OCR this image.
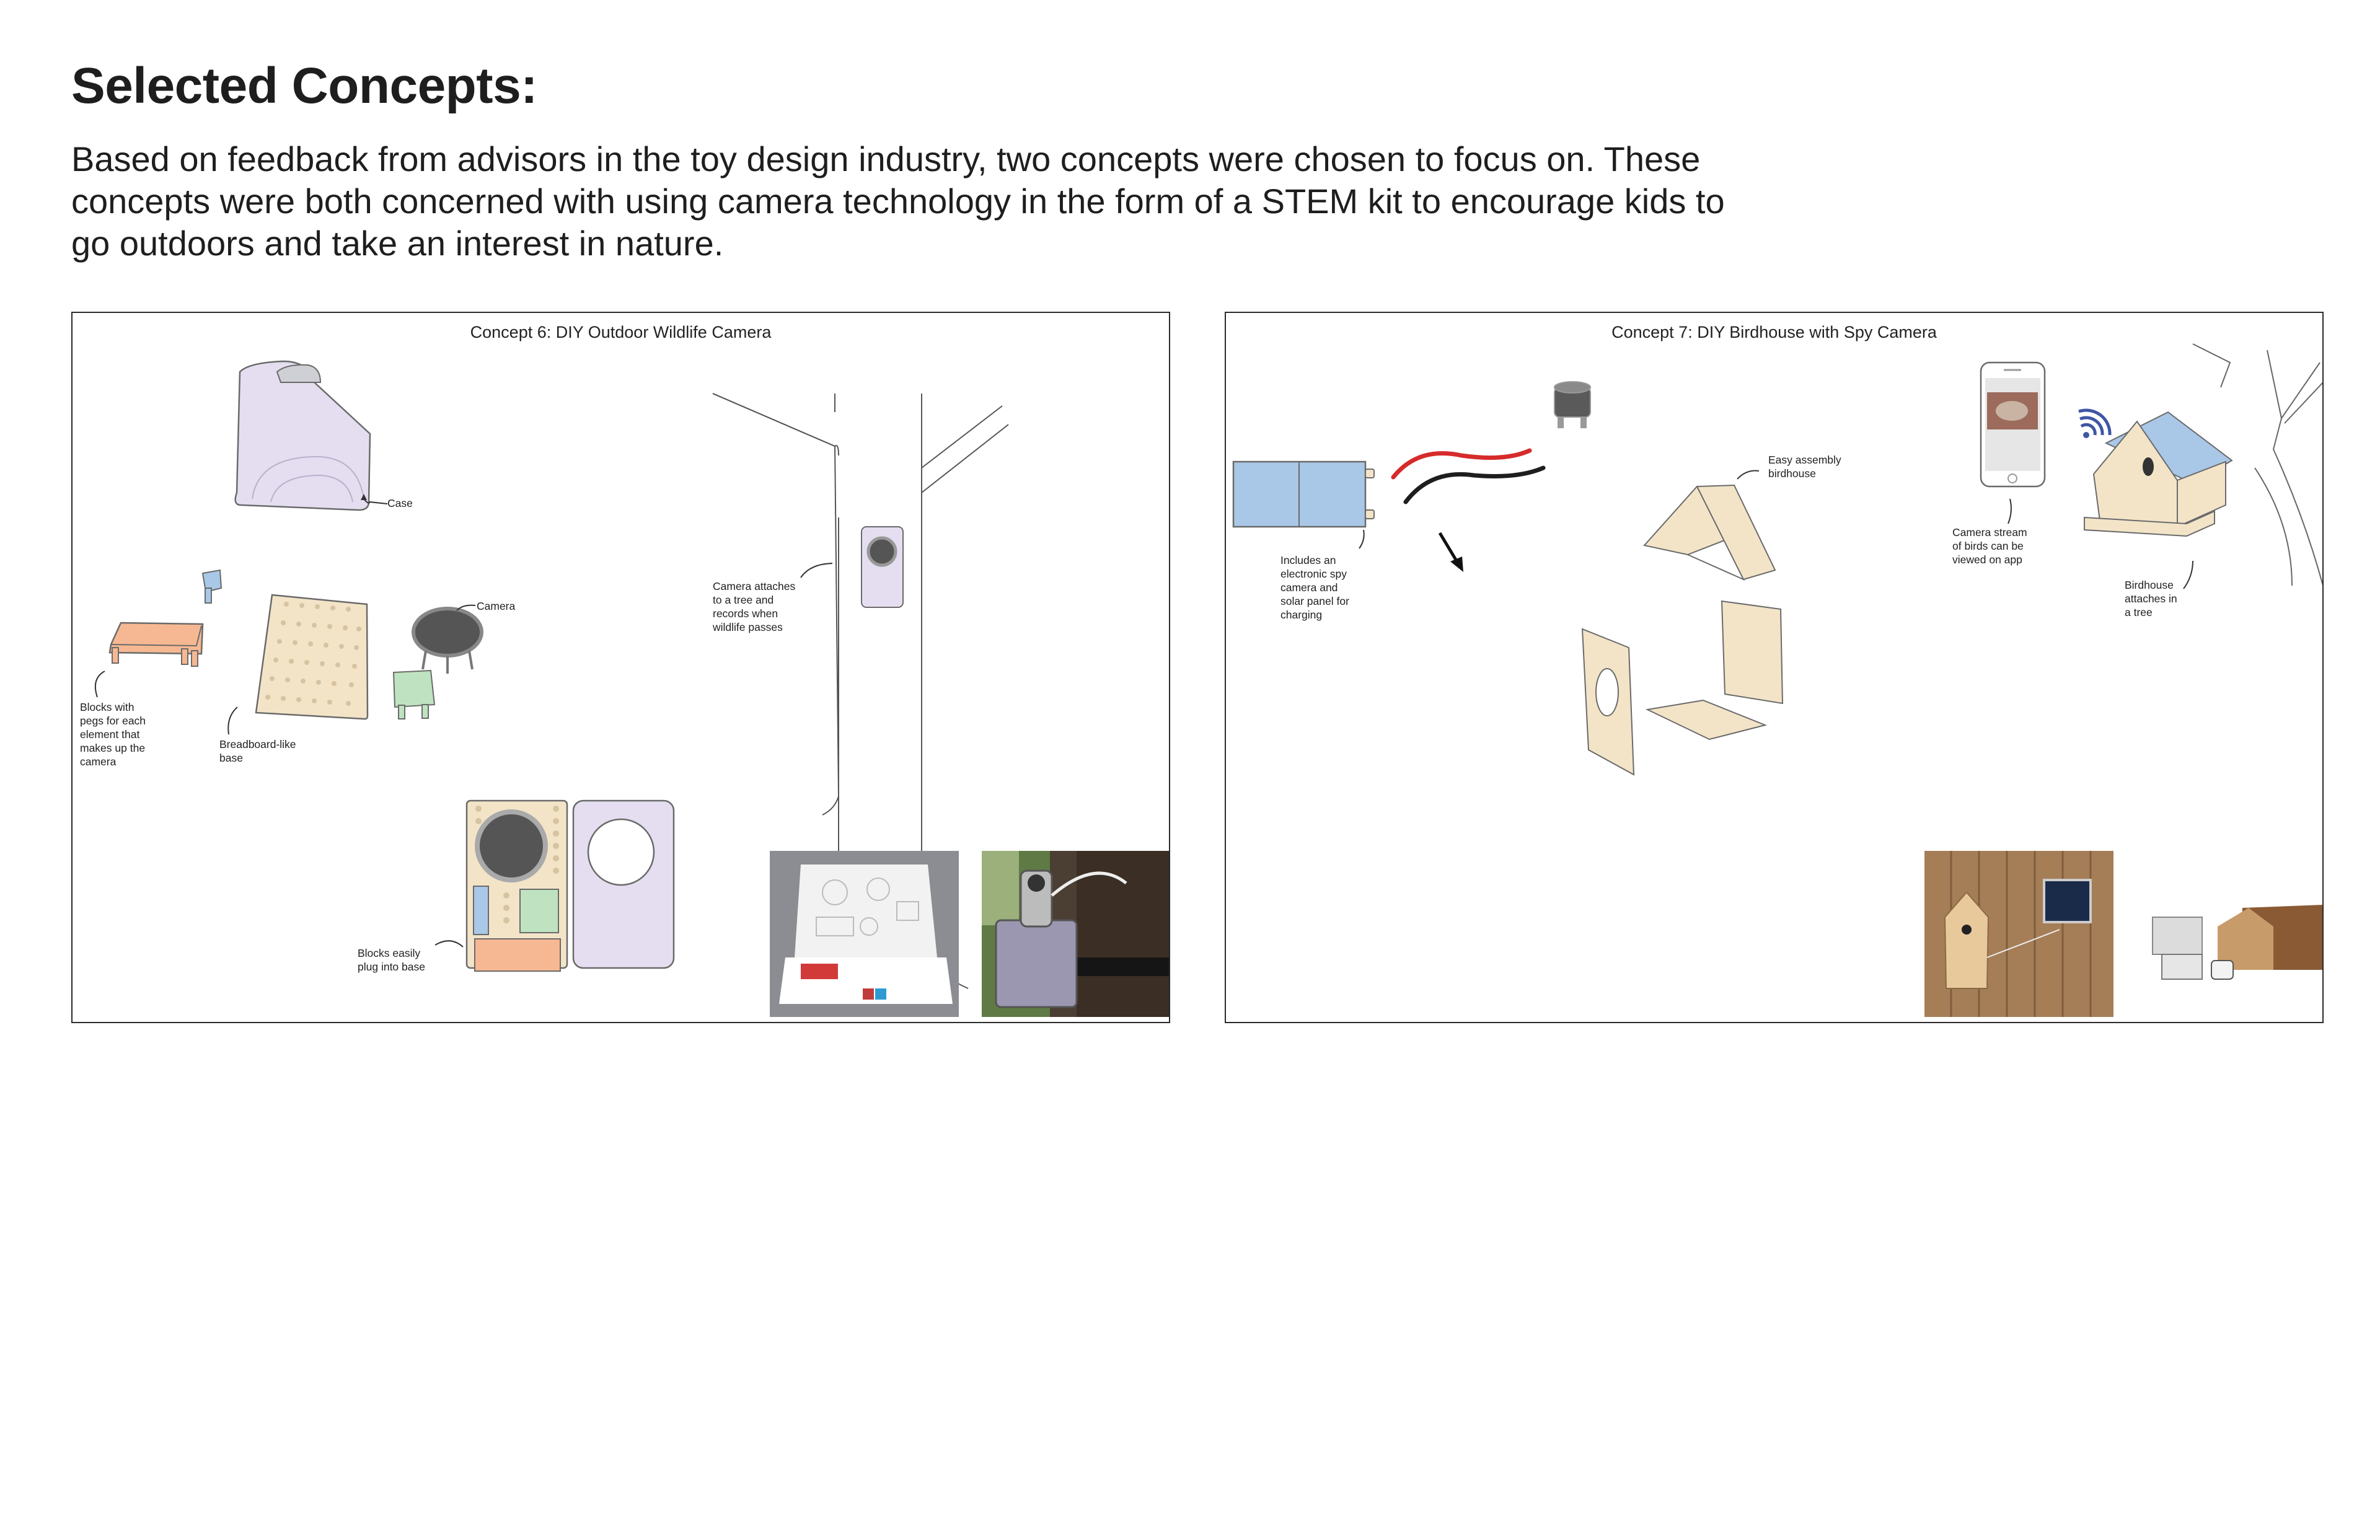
Selected Concepts:

Based on feedback from advisors in the toy design industry, two concepts were chosen to focus on. These concepts were both concerned with using camera technology in the form of a STEM kit to encourage kids to go outdoors and take an interest in nature.

Concept 6: DIY Outdoor Wildlife Camera
Case
Camera
Blocks with
pegs for each
element that
makes up the
camera
Breadboard-like
base
Camera attaches
to a tree and
records when
wildlife passes
Blocks easily
plug into base
Concept 7: DIY Birdhouse with Spy Camera
Includes an
electronic spy
camera and
solar panel for
charging
Easy assembly
birdhouse
Camera stream
of birds can be
viewed on app
Birdhouse
attaches in
a tree
